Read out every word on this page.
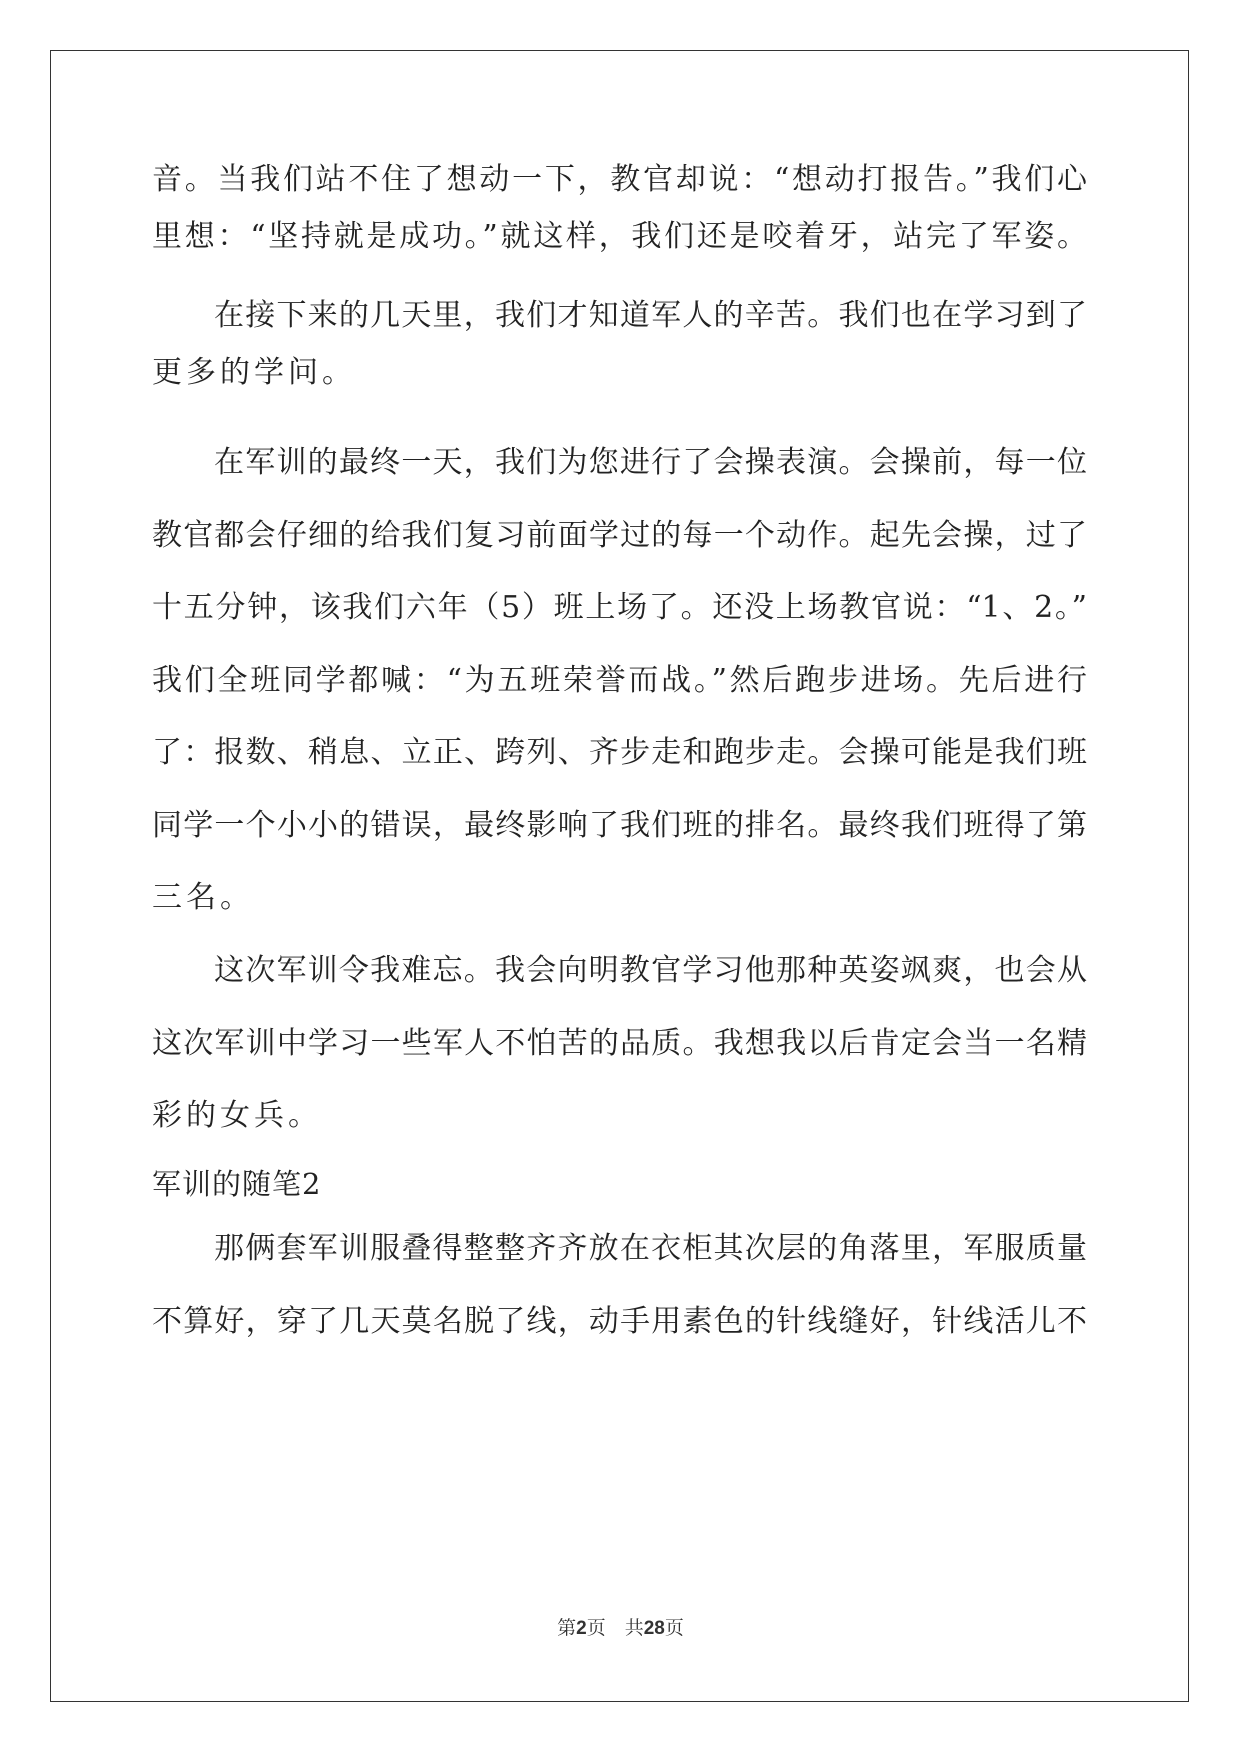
音。当我们站不住了想动一下，教官却说：“想动打报告。”我们心
里想：“坚持就是成功。”就这样，我们还是咬着牙，站完了军姿。
在接下来的几天里，我们才知道军人的辛苦。我们也在学习到了
更多的学问。
在军训的最终一天，我们为您进行了会操表演。会操前，每一位
教官都会仔细的给我们复习前面学过的每一个动作。起先会操，过了
十五分钟，该我们六年（5）班上场了。还没上场教官说：“1、2。”
我们全班同学都喊：“为五班荣誉而战。”然后跑步进场。先后进行
了：报数、稍息、立正、跨列、齐步走和跑步走。会操可能是我们班
同学一个小小的错误，最终影响了我们班的排名。最终我们班得了第
三名。
这次军训令我难忘。我会向明教官学习他那种英姿飒爽，也会从
这次军训中学习一些军人不怕苦的品质。我想我以后肯定会当一名精
彩的女兵。
军训的随笔2
那俩套军训服叠得整整齐齐放在衣柜其次层的角落里，军服质量
不算好，穿了几天莫名脱了线，动手用素色的针线缝好，针线活儿不
第2页　共28页
